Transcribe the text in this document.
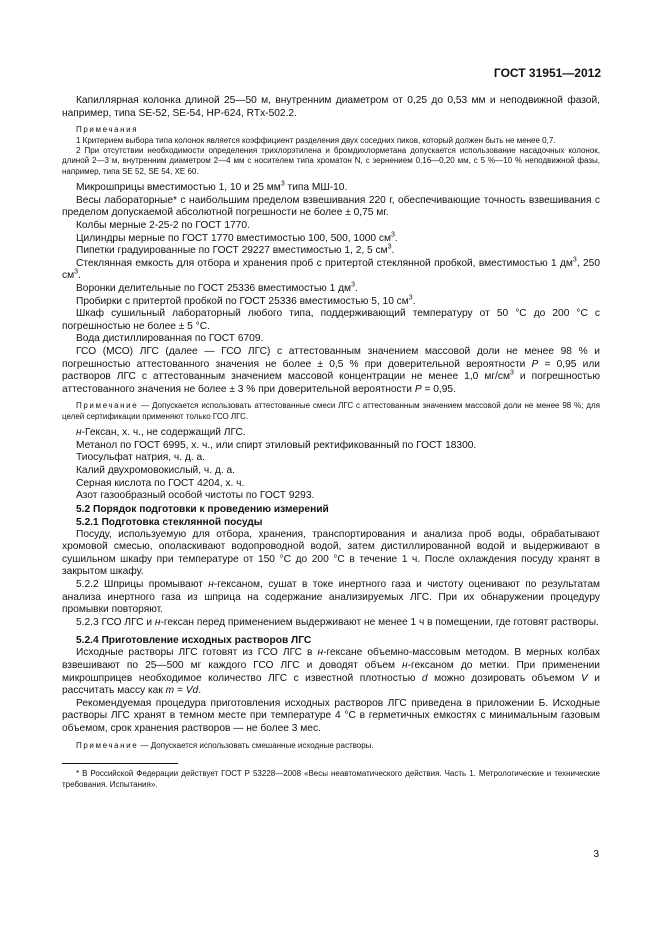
ГОСТ 31951—2012

Капиллярная колонка длиной 25—50 м, внутренним диаметром от 0,25 до 0,53 мм и неподвижной фазой, например, типа SE-52, SE-54, HP-624, RTx-502.2.

Примечания

1 Критерием выбора типа колонок является коэффициент разделения двух соседних пиков, который должен быть не менее 0,7.

2 При отсутствии необходимости определения трихлорэтилена и бромдихлорметана допускается использование насадочных колонок, длиной 2—3 м, внутренним диаметром 2—4 мм с носителем типа хроматон N, с зернением 0,16—0,20 мм, с 5 %—10 % неподвижной фазы, например, типа SE 52, SE 54, XE 60.

Микрошприцы вместимостью 1, 10 и 25 $мм^3$ типа МШ-10.

Весы лабораторные* с наибольшим пределом взвешивания 220 г, обеспечивающие точность взвешивания с пределом допускаемой абсолютной погрешности не более ± 0,75 мг.

Колбы мерные 2-25-2 по ГОСТ 1770.

Цилиндры мерные по ГОСТ 1770 вместимостью 100, 500, 1000 $см^3$.

Пипетки градуированные по ГОСТ 29227 вместимостью 1, 2, 5 $см^3$.

Стеклянная емкость для отбора и хранения проб с притертой стеклянной пробкой, вместимостью 1 $дм^3$, 250 $см^3$.

Воронки делительные по ГОСТ 25336 вместимостью 1 $дм^3$.

Пробирки с притертой пробкой по ГОСТ 25336 вместимостью 5, 10 $см^3$.

Шкаф сушильный лабораторный любого типа, поддерживающий температуру от 50 °С до 200 °С с погрешностью не более ± 5 °С.

Вода дистиллированная по ГОСТ 6709.

ГСО (МСО) ЛГС (далее — ГСО ЛГС) с аттестованным значением массовой доли не менее 98 % и погрешностью аттестованного значения не более ± 0,5 % при доверительной вероятности P = 0,95 или растворов ЛГС с аттестованным значением массовой концентрации не менее 1,0 $мг/см^3$ и погрешностью аттестованного значения не более ± 3 % при доверительной вероятности P = 0,95.

Примечание — Допускается использовать аттестованные смеси ЛГС с аттестованным значением массовой доли не менее 98 %; для целей сертификации применяют только ГСО ЛГС.

н-Гексан, х. ч., не содержащий ЛГС.

Метанол по ГОСТ 6995, х. ч., или спирт этиловый ректификованный по ГОСТ 18300.

Тиосульфат натрия, ч. д. а.

Калий двухромовокислый, ч. д. а.

Серная кислота по ГОСТ 4204, х. ч.

Азот газообразный особой чистоты по ГОСТ 9293.

5.2 Порядок подготовки к проведению измерений
5.2.1 Подготовка стеклянной посуды

Посуду, используемую для отбора, хранения, транспортирования и анализа проб воды, обрабатывают хромовой смесью, ополаскивают водопроводной водой, затем дистиллированной водой и выдерживают в сушильном шкафу при температуре от 150 °С до 200 °С в течение 1 ч. После охлаждения посуду хранят в закрытом шкафу.

5.2.2 Шприцы промывают н-гексаном, сушат в токе инертного газа и чистоту оценивают по результатам анализа инертного газа из шприца на содержание анализируемых ЛГС. При их обнаружении процедуру промывки повторяют.

5.2.3 ГСО ЛГС и н-гексан перед применением выдерживают не менее 1 ч в помещении, где готовят растворы.

5.2.4 Приготовление исходных растворов ЛГС

Исходные растворы ЛГС готовят из ГСО ЛГС в н-гексане объемно-массовым методом. В мерных колбах взвешивают по 25—500 мг каждого ГСО ЛГС и доводят объем н-гексаном до метки. При применении микрошприцев необходимое количество ЛГС с известной плотностью d можно дозировать объемом V и рассчитать массу как m = Vd.

Рекомендуемая процедура приготовления исходных растворов ЛГС приведена в приложении Б. Исходные растворы ЛГС хранят в темном месте при температуре 4 °С в герметичных емкостях с минимальным газовым объемом, срок хранения растворов — не более 3 мес.

Примечание — Допускается использовать смешанные исходные растворы.

* В Российской Федерации действует ГОСТ Р 53228—2008 «Весы неавтоматического действия. Часть 1. Метрологические и технические требования. Испытания».

3
